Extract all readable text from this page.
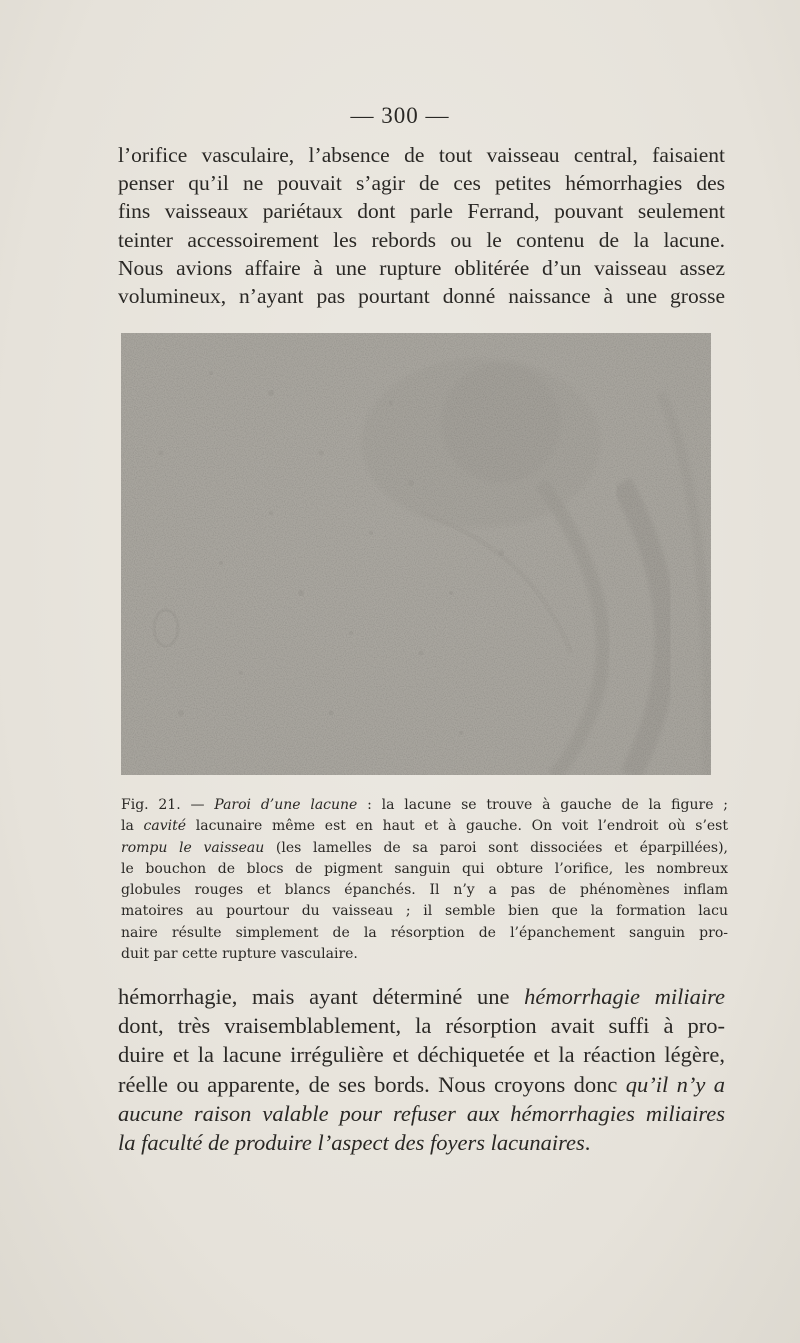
— 300 —
l’orifice vasculaire, l’absence de tout vaisseau central, faisaient
penser qu’il ne pouvait s’agir de ces petites hémorrhagies des
fins vaisseaux pariétaux dont parle Ferrand, pouvant seulement
teinter accessoirement les rebords ou le contenu de la lacune.
Nous avions affaire à une rupture oblitérée d’un vaisseau assez
volumineux, n’ayant pas pourtant donné naissance à une grosse
Fig. 21. — Paroi d’une lacune : la lacune se trouve à gauche de la figure ;
la cavité lacunaire même est en haut et à gauche. On voit l’endroit où s’est
rompu le vaisseau (les lamelles de sa paroi sont dissociées et éparpillées),
le bouchon de blocs de pigment sanguin qui obture l’orifice, les nombreux
globules rouges et blancs épanchés. Il n’y a pas de phénomènes inflam
matoires au pourtour du vaisseau ; il semble bien que la formation lacu
naire résulte simplement de la résorption de l’épanchement sanguin pro-
duit par cette rupture vasculaire.
hémorrhagie, mais ayant déterminé une hémorrhagie miliaire
dont, très vraisemblablement, la résorption avait suffi à pro-
duire et la lacune irrégulière et déchiquetée et la réaction légère,
réelle ou apparente, de ses bords. Nous croyons donc qu’il n’y a
aucune raison valable pour refuser aux hémorrhagies miliaires
la faculté de produire l’aspect des foyers lacunaires.
